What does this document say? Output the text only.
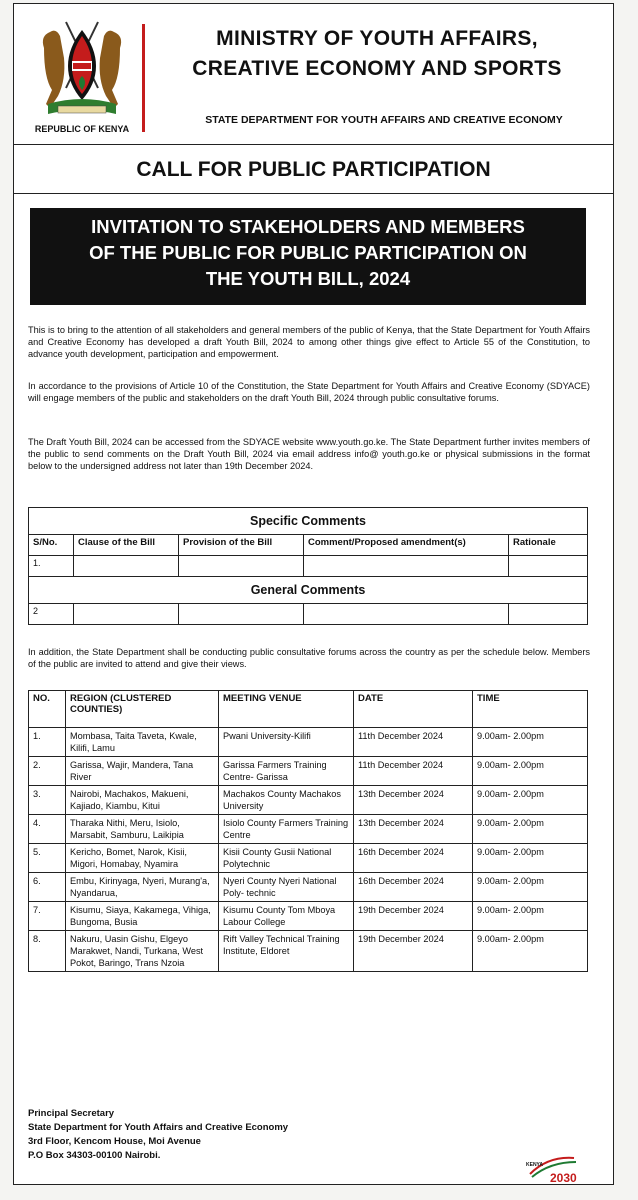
REPUBLIC OF KENYA
MINISTRY OF YOUTH AFFAIRS,
CREATIVE ECONOMY AND SPORTS
STATE DEPARTMENT FOR YOUTH AFFAIRS AND CREATIVE ECONOMY
CALL FOR PUBLIC PARTICIPATION
INVITATION TO STAKEHOLDERS AND MEMBERS
OF THE PUBLIC FOR PUBLIC PARTICIPATION ON
THE YOUTH BILL, 2024
This is to bring to the attention of all stakeholders and general members of the public of Kenya, that the State Department for Youth Affairs and Creative Economy has developed a draft Youth Bill, 2024 to among other things give effect to Article 55 of the Constitution, to advance youth development, participation and empowerment.
In accordance to the provisions of Article 10 of the Constitution, the State Department for Youth Affairs and Creative Economy (SDYACE) will engage members of the public and stakeholders on the draft Youth Bill, 2024 through public consultative forums.
The Draft Youth Bill, 2024 can be accessed from the SDYACE website www.youth.go.ke. The State Department further invites members of the public to send comments on the Draft Youth Bill, 2024 via email address info@ youth.go.ke or physical submissions in the format below to the undersigned address not later than 19th December 2024.
Specific Comments				
S/No.	Clause of the Bill	Provision of the Bill	Comment/Proposed amendment(s)	Rationale
1.				
General Comments				
2				
In addition, the State Department shall be conducting public consultative forums across the country as per the schedule below. Members of the public are invited to attend and give their views.
NO.	REGION (CLUSTERED COUNTIES)	MEETING VENUE	DATE	TIME
1.	Mombasa, Taita Taveta, Kwale, Kilifi, Lamu	Pwani University-Kilifi	11th December 2024	9.00am- 2.00pm
2.	Garissa, Wajir, Mandera, Tana River	Garissa Farmers Training Centre- Garissa	11th December 2024	9.00am- 2.00pm
3.	Nairobi, Machakos, Makueni, Kajiado, Kiambu, Kitui	Machakos County Machakos University	13th December 2024	9.00am- 2.00pm
4.	Tharaka Nithi, Meru, Isiolo, Marsabit, Samburu, Laikipia	Isiolo County Farmers Training Centre	13th December 2024	9.00am- 2.00pm
5.	Kericho, Bomet, Narok, Kisii, Migori, Homabay, Nyamira	Kisii County Gusii National Polytechnic	16th December 2024	9.00am- 2.00pm
6.	Embu, Kirinyaga, Nyeri, Murang'a, Nyandarua,	Nyeri County Nyeri National Poly- technic	16th December 2024	9.00am- 2.00pm
7.	Kisumu, Siaya, Kakamega, Vihiga, Bungoma, Busia	Kisumu County Tom Mboya Labour College	19th December 2024	9.00am- 2.00pm
8.	Nakuru, Uasin Gishu, Elgeyo Marakwet, Nandi, Turkana, West Pokot, Baringo, Trans Nzoia	Rift Valley Technical Training Institute, Eldoret	19th December 2024	9.00am- 2.00pm
Principal Secretary
State Department for Youth Affairs and Creative Economy
3rd Floor, Kencom House, Moi Avenue
P.O Box 34303-00100 Nairobi.
KENYA
2030
